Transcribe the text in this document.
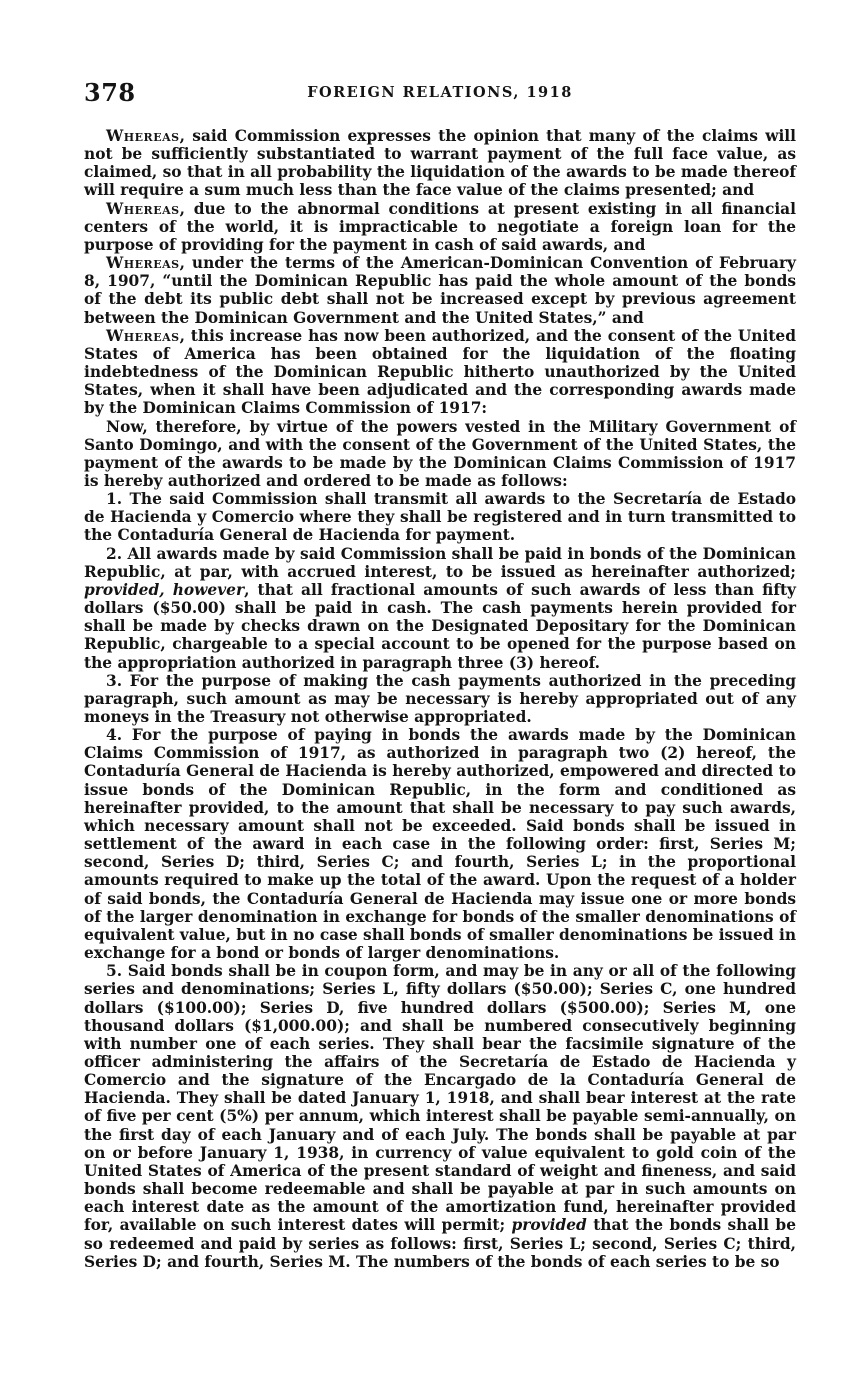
378	FOREIGN RELATIONS, 1918

Whereas, said Commission expresses the opinion that many of the claims will not be sufficiently substantiated to warrant payment of the full face value, as claimed, so that in all probability the liquidation of the awards to be made thereof will require a sum much less than the face value of the claims presented; and

Whereas, due to the abnormal conditions at present existing in all financial centers of the world, it is impracticable to negotiate a foreign loan for the purpose of providing for the payment in cash of said awards, and

Whereas, under the terms of the American-Dominican Convention of February 8, 1907, “until the Dominican Republic has paid the whole amount of the bonds of the debt its public debt shall not be increased except by previous agreement between the Dominican Government and the United States,” and

Whereas, this increase has now been authorized, and the consent of the United States of America has been obtained for the liquidation of the floating indebtedness of the Dominican Republic hitherto unauthorized by the United States, when it shall have been adjudicated and the corresponding awards made by the Dominican Claims Commission of 1917:

Now, therefore, by virtue of the powers vested in the Military Government of Santo Domingo, and with the consent of the Government of the United States, the payment of the awards to be made by the Dominican Claims Commission of 1917 is hereby authorized and ordered to be made as follows:

1. The said Commission shall transmit all awards to the Secretaría de Estado de Hacienda y Comercio where they shall be registered and in turn transmitted to the Contaduría General de Hacienda for payment.

2. All awards made by said Commission shall be paid in bonds of the Dominican Republic, at par, with accrued interest, to be issued as hereinafter authorized; provided, however, that all fractional amounts of such awards of less than fifty dollars ($50.00) shall be paid in cash. The cash payments herein provided for shall be made by checks drawn on the Designated Depositary for the Dominican Republic, chargeable to a special account to be opened for the purpose based on the appropriation authorized in paragraph three (3) hereof.

3. For the purpose of making the cash payments authorized in the preceding paragraph, such amount as may be necessary is hereby appropriated out of any moneys in the Treasury not otherwise appropriated.

4. For the purpose of paying in bonds the awards made by the Dominican Claims Commission of 1917, as authorized in paragraph two (2) hereof, the Contaduría General de Hacienda is hereby authorized, empowered and directed to issue bonds of the Dominican Republic, in the form and conditioned as hereinafter provided, to the amount that shall be necessary to pay such awards, which necessary amount shall not be exceeded. Said bonds shall be issued in settlement of the award in each case in the following order: first, Series M; second, Series D; third, Series C; and fourth, Series L; in the proportional amounts required to make up the total of the award. Upon the request of a holder of said bonds, the Contaduría General de Hacienda may issue one or more bonds of the larger denomination in exchange for bonds of the smaller denominations of equivalent value, but in no case shall bonds of smaller denominations be issued in exchange for a bond or bonds of larger denominations.

5. Said bonds shall be in coupon form, and may be in any or all of the following series and denominations; Series L, fifty dollars ($50.00); Series C, one hundred dollars ($100.00); Series D, five hundred dollars ($500.00); Series M, one thousand dollars ($1,000.00); and shall be numbered consecutively beginning with number one of each series. They shall bear the facsimile signature of the officer administering the affairs of the Secretaría de Estado de Hacienda y Comercio and the signature of the Encargado de la Contaduría General de Hacienda. They shall be dated January 1, 1918, and shall bear interest at the rate of five per cent (5%) per annum, which interest shall be payable semi-annually, on the first day of each January and of each July. The bonds shall be payable at par on or before January 1, 1938, in currency of value equivalent to gold coin of the United States of America of the present standard of weight and fineness, and said bonds shall become redeemable and shall be payable at par in such amounts on each interest date as the amount of the amortization fund, hereinafter provided for, available on such interest dates will permit; provided that the bonds shall be so redeemed and paid by series as follows: first, Series L; second, Series C; third, Series D; and fourth, Series M. The numbers of the bonds of each series to be so
